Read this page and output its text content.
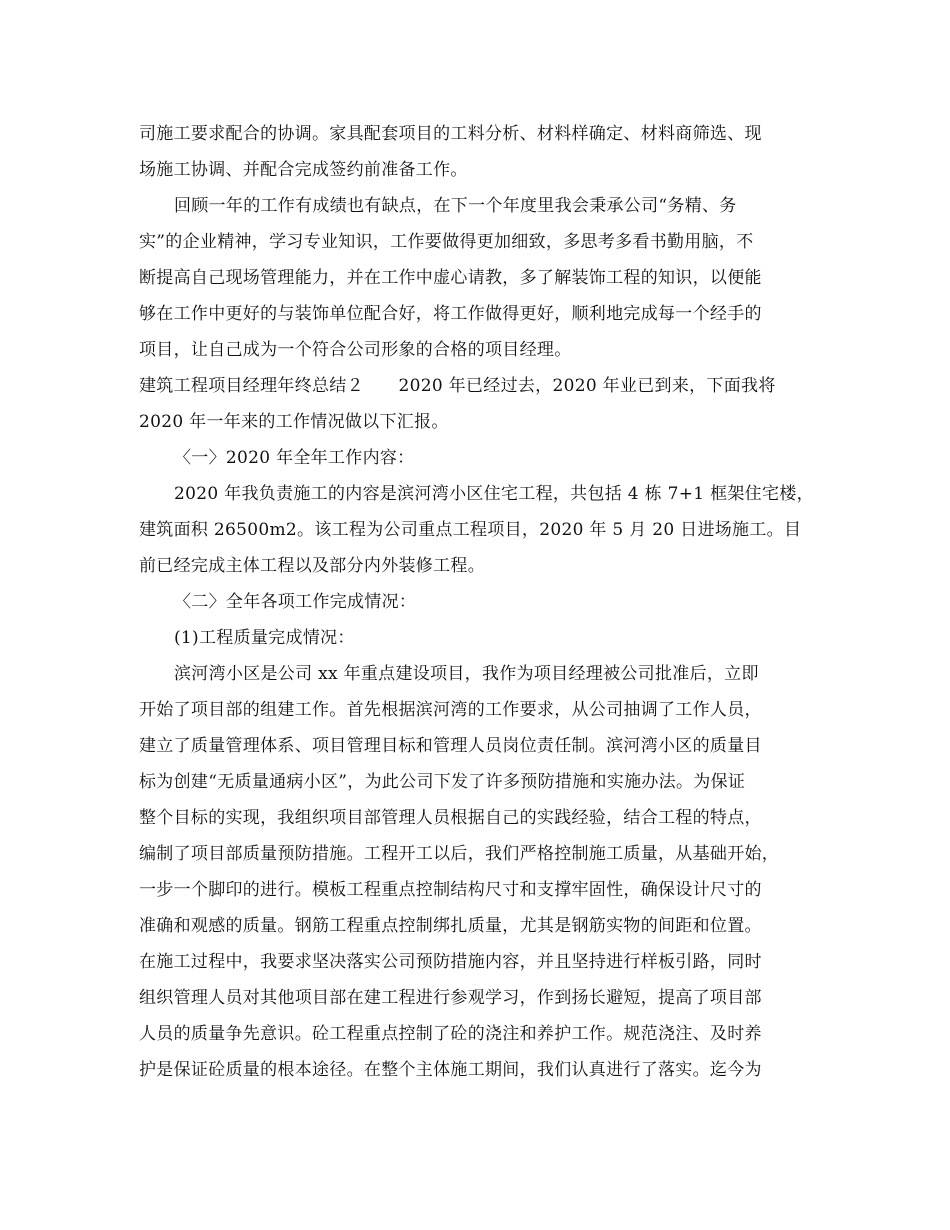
司施工要求配合的协调。家具配套项目的工料分析、材料样确定、材料商筛选、现
场施工协调、并配合完成签约前准备工作。
回顾一年的工作有成绩也有缺点，在下一个年度里我会秉承公司“务精、务
实”的企业精神，学习专业知识，工作要做得更加细致，多思考多看书勤用脑，不
断提高自己现场管理能力，并在工作中虚心请教，多了解装饰工程的知识，以便能
够在工作中更好的与装饰单位配合好，将工作做得更好，顺利地完成每一个经手的
项目，让自己成为一个符合公司形象的合格的项目经理。
建筑工程项目经理年终总结２　　2020 年已经过去，2020 年业已到来，下面我将
2020 年一年来的工作情况做以下汇报。
〈一〉2020 年全年工作内容：
2020 年我负责施工的内容是滨河湾小区住宅工程，共包括 4 栋 7+1 框架住宅楼，
建筑面积 26500m2。该工程为公司重点工程项目，2020 年 5 月 20 日进场施工。目
前已经完成主体工程以及部分内外装修工程。
〈二〉全年各项工作完成情况：
(1)工程质量完成情况：
滨河湾小区是公司 xx 年重点建设项目，我作为项目经理被公司批准后，立即
开始了项目部的组建工作。首先根据滨河湾的工作要求，从公司抽调了工作人员，
建立了质量管理体系、项目管理目标和管理人员岗位责任制。滨河湾小区的质量目
标为创建“无质量通病小区”，为此公司下发了许多预防措施和实施办法。为保证
整个目标的实现，我组织项目部管理人员根据自己的实践经验，结合工程的特点，
编制了项目部质量预防措施。工程开工以后，我们严格控制施工质量，从基础开始，
一步一个脚印的进行。模板工程重点控制结构尺寸和支撑牢固性，确保设计尺寸的
准确和观感的质量。钢筋工程重点控制绑扎质量，尤其是钢筋实物的间距和位置。
在施工过程中，我要求坚决落实公司预防措施内容，并且坚持进行样板引路，同时
组织管理人员对其他项目部在建工程进行参观学习，作到扬长避短，提高了项目部
人员的质量争先意识。砼工程重点控制了砼的浇注和养护工作。规范浇注、及时养
护是保证砼质量的根本途径。在整个主体施工期间，我们认真进行了落实。迄今为
